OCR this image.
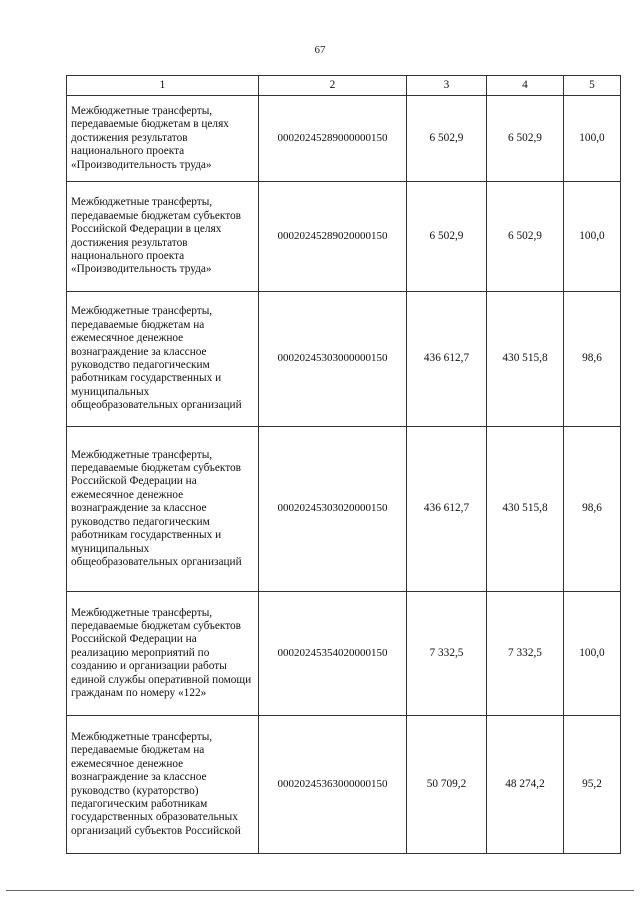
67
1	2	3	4	5
Межбюджетные трансферты, передаваемые бюджетам в целях достижения результатов национального проекта «Производительность труда»	00020245289000000150	6 502,9	6 502,9	100,0
Межбюджетные трансферты, передаваемые бюджетам субъектов Российской Федерации в целях достижения результатов национального проекта «Производительность труда»	00020245289020000150	6 502,9	6 502,9	100,0
Межбюджетные трансферты, передаваемые бюджетам на ежемесячное денежное вознаграждение за классное руководство педагогическим работникам государственных и муниципальных общеобразовательных организаций	00020245303000000150	436 612,7	430 515,8	98,6
Межбюджетные трансферты, передаваемые бюджетам субъектов Российской Федерации на ежемесячное денежное вознаграждение за классное руководство педагогическим работникам государственных и муниципальных общеобразовательных организаций	00020245303020000150	436 612,7	430 515,8	98,6
Межбюджетные трансферты, передаваемые бюджетам субъектов Российской Федерации на реализацию мероприятий по созданию и организации работы единой службы оперативной помощи гражданам по номеру «122»	00020245354020000150	7 332,5	7 332,5	100,0
Межбюджетные трансферты, передаваемые бюджетам на ежемесячное денежное вознаграждение за классное руководство (кураторство) педагогическим работникам государственных образовательных организаций субъектов Российской	00020245363000000150	50 709,2	48 274,2	95,2
